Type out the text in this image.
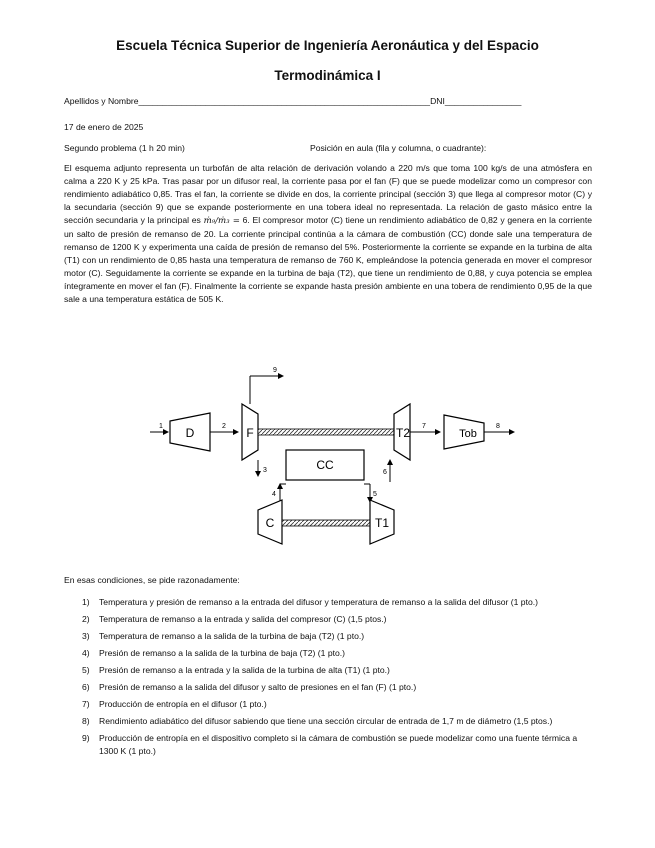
Escuela Técnica Superior de Ingeniería Aeronáutica y del Espacio
Termodinámica I
Apellidos y Nombre_____________________________________________________________DNI________________
17 de enero de 2025
Segundo problema (1 h 20 min)	Posición en aula (fila y columna, o cuadrante):
El esquema adjunto representa un turbofán de alta relación de derivación volando a 220 m/s que toma 100 kg/s de una atmósfera en calma a 220 K y 25 kPa. Tras pasar por un difusor real, la corriente pasa por el fan (F) que se puede modelizar como un compresor con rendimiento adiabático 0,85. Tras el fan, la corriente se divide en dos, la corriente principal (sección 3) que llega al compresor motor (C) y la secundaria (sección 9) que se expande posteriormente en una tobera ideal no representada. La relación de gasto másico entre la sección secundaria y la principal es ṁ₉/ṁ₃ = 6. El compresor motor (C) tiene un rendimiento adiabático de 0,82 y genera en la corriente un salto de presión de remanso de 20. La corriente principal continúa a la cámara de combustión (CC) donde sale una temperatura de remanso de 1200 K y experimenta una caída de presión de remanso del 5%. Posteriormente la corriente se expande en la turbina de alta (T1) con un rendimiento de 0,85 hasta una temperatura de remanso de 760 K, empleándose la potencia generada en mover el compresor motor (C). Seguidamente la corriente se expande en la turbina de baja (T2), que tiene un rendimiento de 0,88, y cuya potencia se emplea íntegramente en mover el fan (F). Finalmente la corriente se expande hasta presión ambiente en una tobera de rendimiento 0,95 de la que sale a una temperatura estática de 505 K.
1 D	2 F
9
T2 7
Tob
8
CC
3
4	5
6
C	T1
En esas condiciones, se pide razonadamente:
1) Temperatura y presión de remanso a la entrada del difusor y temperatura de remanso a la salida del difusor (1 pto.)
2) Temperatura de remanso a la entrada y salida del compresor (C) (1,5 ptos.)
3) Temperatura de remanso a la salida de la turbina de baja (T2) (1 pto.)
4) Presión de remanso a la salida de la turbina de baja (T2) (1 pto.)
5) Presión de remanso a la entrada y la salida de la turbina de alta (T1) (1 pto.)
6) Presión de remanso a la salida del difusor y salto de presiones en el fan (F) (1 pto.)
7) Producción de entropía en el difusor (1 pto.)
8) Rendimiento adiabático del difusor sabiendo que tiene una sección circular de entrada de 1,7 m de diámetro (1,5 ptos.)
9) Producción de entropía en el dispositivo completo si la cámara de combustión se puede modelizar como una fuente térmica a 1300 K (1 pto.)
